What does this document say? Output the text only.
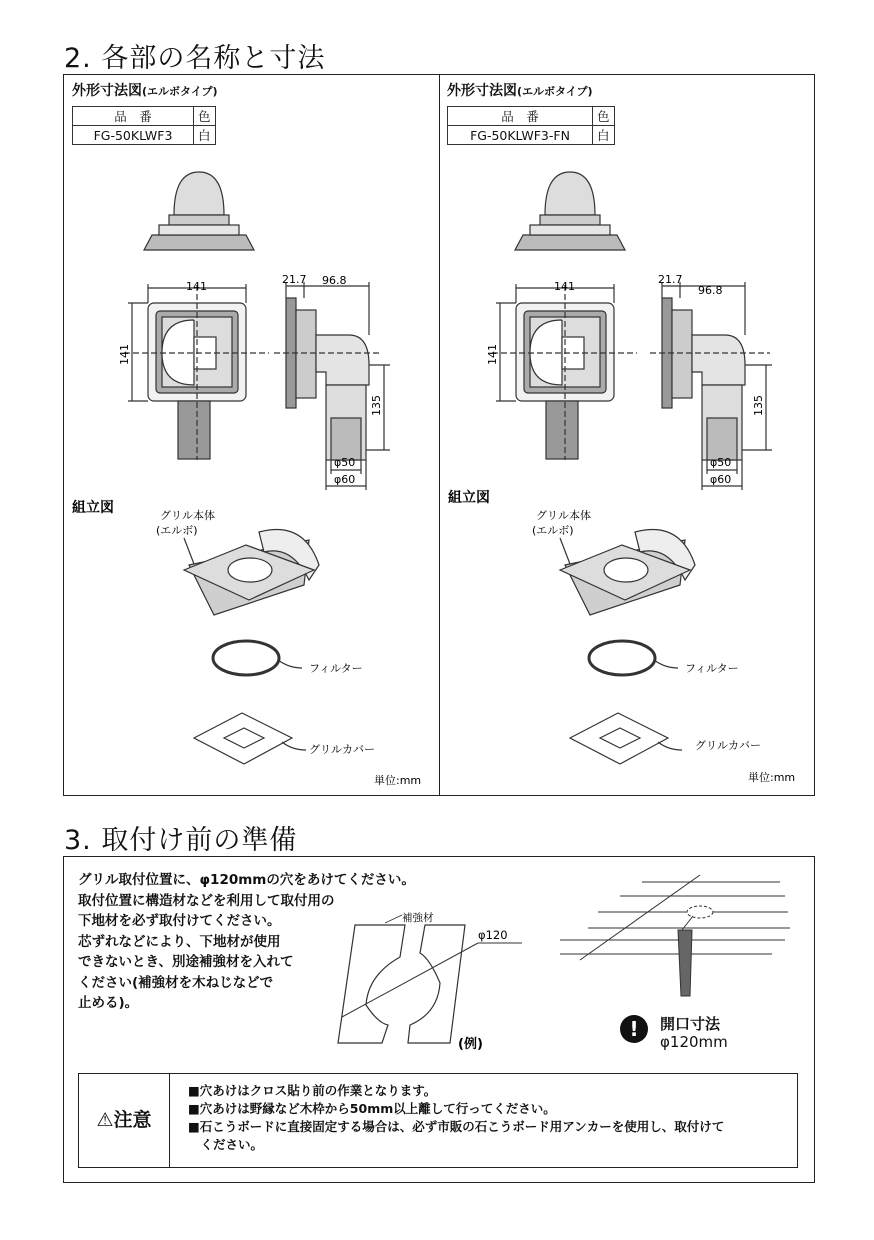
2. 各部の名称と寸法
外形寸法図(エルボタイプ)
品　番	色
FG-50KLWF3	白
外形寸法図(エルボタイプ)
品　番	色
FG-50KLWF3-FN	白
141
141
21.7 96.8
135
φ50
φ60
組立図	グリル本体
(エルボ)
フィルター
グリルカバー
単位:mm
141
141
21.7
96.8
135
φ50
φ60
組立図
グリル本体
(エルボ)
フィルター
グリルカバー
単位:mm
3. 取付け前の準備
グリル取付位置に、φ120mmの穴をあけてください。
取付位置に構造材などを利用して取付用の
下地材を必ず取付けてください。
芯ずれなどにより、下地材が使用
できないとき、別途補強材を入れて
ください(補強材を木ねじなどで
止める)。
補強材
φ120
(例)
!	開口寸法
φ120mm
⚠注意
■穴あけはクロス貼り前の作業となります。
■穴あけは野縁など木枠から50mm以上離して行ってください。
■石こうボードに直接固定する場合は、必ず市販の石こうボード用アンカーを使用し、取付けて
　ください。
